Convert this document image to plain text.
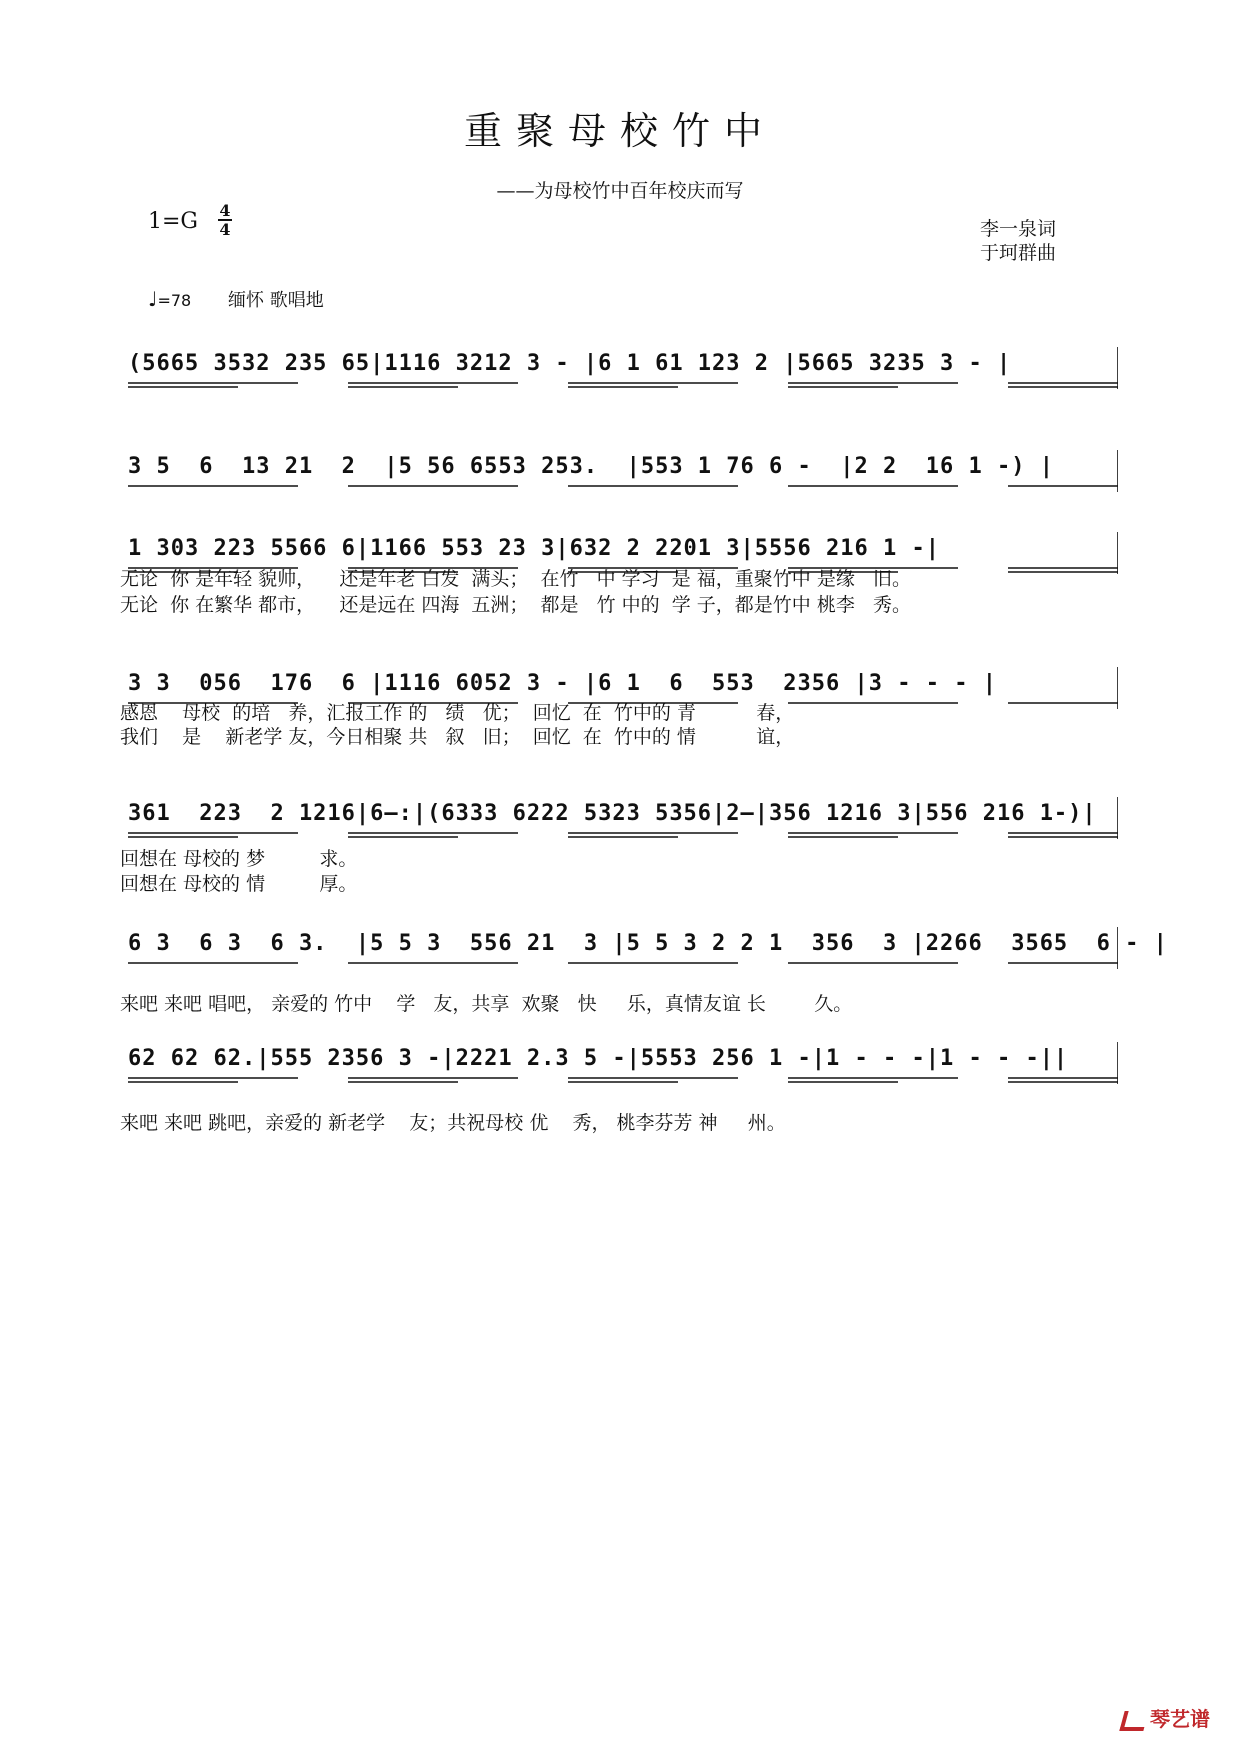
重聚母校竹中
——为母校竹中百年校庆而写
1=G 4
4	李一泉词
于珂群曲
♩=78 缅怀 歌唱地
(5665 3532 235 65|1116 3212 3 - |6 1 61 123 2 |5665 3235 3 - |
3 5  6  13 21  2  |5 56 6553 253.  |553 1 76 6 -  |2 2  16 1 -) |
1 303 223 5566 6|1166 553 23 3|632 2 2201 3|5556 216 1 -|
无论  你 是年轻 貌帅，    还是年老 白发  满头；  在竹   中 学习  是 福，重聚竹中 是缘   旧。
无论  你 在繁华 都市，    还是远在 四海  五洲；  都是   竹 中的  学 子，都是竹中 桃李   秀。
3 3  056  176  6 |1116 6052 3 - |6 1  6  553  2356 |3 - - - |
感恩    母校  的培   养，汇报工作 的   绩   优；  回忆  在  竹中的 青          春，
我们    是    新老学 友，今日相聚 共   叙   旧；  回忆  在  竹中的 情          谊，
361  223  2 1216|6—:|(6333 6222 5323 5356|2—|356 1216 3|556 216 1-)|
回想在 母校的 梦         求。
回想在 母校的 情         厚。
6 3  6 3  6 3.  |5 5 3  556 21  3 |5 5 3 2 2 1  356  3 |2266  3565  6 - |
来吧 来吧 唱吧， 亲爱的 竹中    学   友，共享  欢聚   快     乐，真情友谊 长        久。
62 62 62.|555 2356 3 -|2221 2.3 5 -|5553 256 1 -|1 - - -|1 - - -||
来吧 来吧 跳吧，亲爱的 新老学    友；共祝母校 优    秀， 桃李芬芳 神     州。
琴艺谱
